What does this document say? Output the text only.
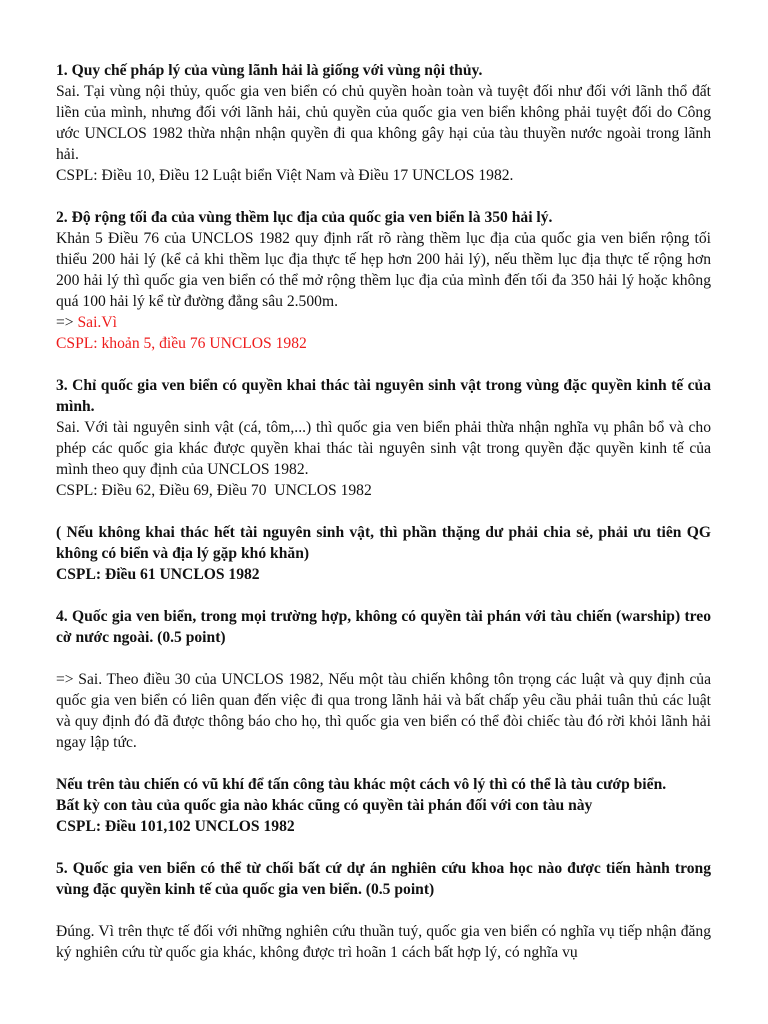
1. Quy chế pháp lý của vùng lãnh hải là giống với vùng nội thủy.

Sai. Tại vùng nội thủy, quốc gia ven biển có chủ quyền hoàn toàn và tuyệt đối như đối với lãnh thổ đất liền của mình, nhưng đối với lãnh hải, chủ quyền của quốc gia ven biển không phải tuyệt đối do Công ước UNCLOS 1982 thừa nhận nhận quyền đi qua không gây hại của tàu thuyền nước ngoài trong lãnh hải.

CSPL: Điều 10, Điều 12 Luật biển Việt Nam và Điều 17 UNCLOS 1982.

2. Độ rộng tối đa của vùng thềm lục địa của quốc gia ven biển là 350 hải lý.

Khản 5 Điều 76 của UNCLOS 1982 quy định rất rõ ràng thềm lục địa của quốc gia ven biển rộng tối thiểu 200 hải lý (kể cả khi thềm lục địa thực tế hẹp hơn 200 hải lý), nếu thềm lục địa thực tế rộng hơn 200 hải lý thì quốc gia ven biển có thể mở rộng thềm lục địa của mình đến tối đa 350 hải lý hoặc không quá 100 hải lý kể từ đường đẳng sâu 2.500m.

=> Sai.Vì

CSPL: khoản 5, điều 76 UNCLOS 1982

3. Chỉ quốc gia ven biển có quyền khai thác tài nguyên sinh vật trong vùng đặc quyền kinh tế của mình.

Sai. Với tài nguyên sinh vật (cá, tôm,...) thì quốc gia ven biển phải thừa nhận nghĩa vụ phân bổ và cho phép các quốc gia khác được quyền khai thác tài nguyên sinh vật trong quyền đặc quyền kinh tế của mình theo quy định của UNCLOS 1982.

CSPL: Điều 62, Điều 69, Điều 70  UNCLOS 1982

( Nếu không khai thác hết tài nguyên sinh vật, thì phần thặng dư phải chia sẻ, phải ưu tiên QG không có biển và địa lý gặp khó khăn)

CSPL: Điều 61 UNCLOS 1982

4. Quốc gia ven biển, trong mọi trường hợp, không có quyền tài phán với tàu chiến (warship) treo cờ nước ngoài. (0.5 point)

=> Sai. Theo điều 30 của UNCLOS 1982, Nếu một tàu chiến không tôn trọng các luật và quy định của quốc gia ven biển có liên quan đến việc đi qua trong lãnh hải và bất chấp yêu cầu phải tuân thủ các luật và quy định đó đã được thông báo cho họ, thì quốc gia ven biển có thể đòi chiếc tàu đó rời khỏi lãnh hải ngay lập tức.

Nếu trên tàu chiến có vũ khí để tấn công tàu khác một cách vô lý thì có thể là tàu cướp biển.

Bất kỳ con tàu của quốc gia nào khác cũng có quyền tài phán đối với con tàu này

CSPL: Điều 101,102 UNCLOS 1982

5. Quốc gia ven biển có thể từ chối bất cứ dự án nghiên cứu khoa học nào được tiến hành trong vùng đặc quyền kinh tế của quốc gia ven biển. (0.5 point)

Đúng. Vì trên thực tế đối với những nghiên cứu thuần tuý, quốc gia ven biển có nghĩa vụ tiếp nhận đăng ký nghiên cứu từ quốc gia khác, không được trì hoãn 1 cách bất hợp lý, có nghĩa vụ
